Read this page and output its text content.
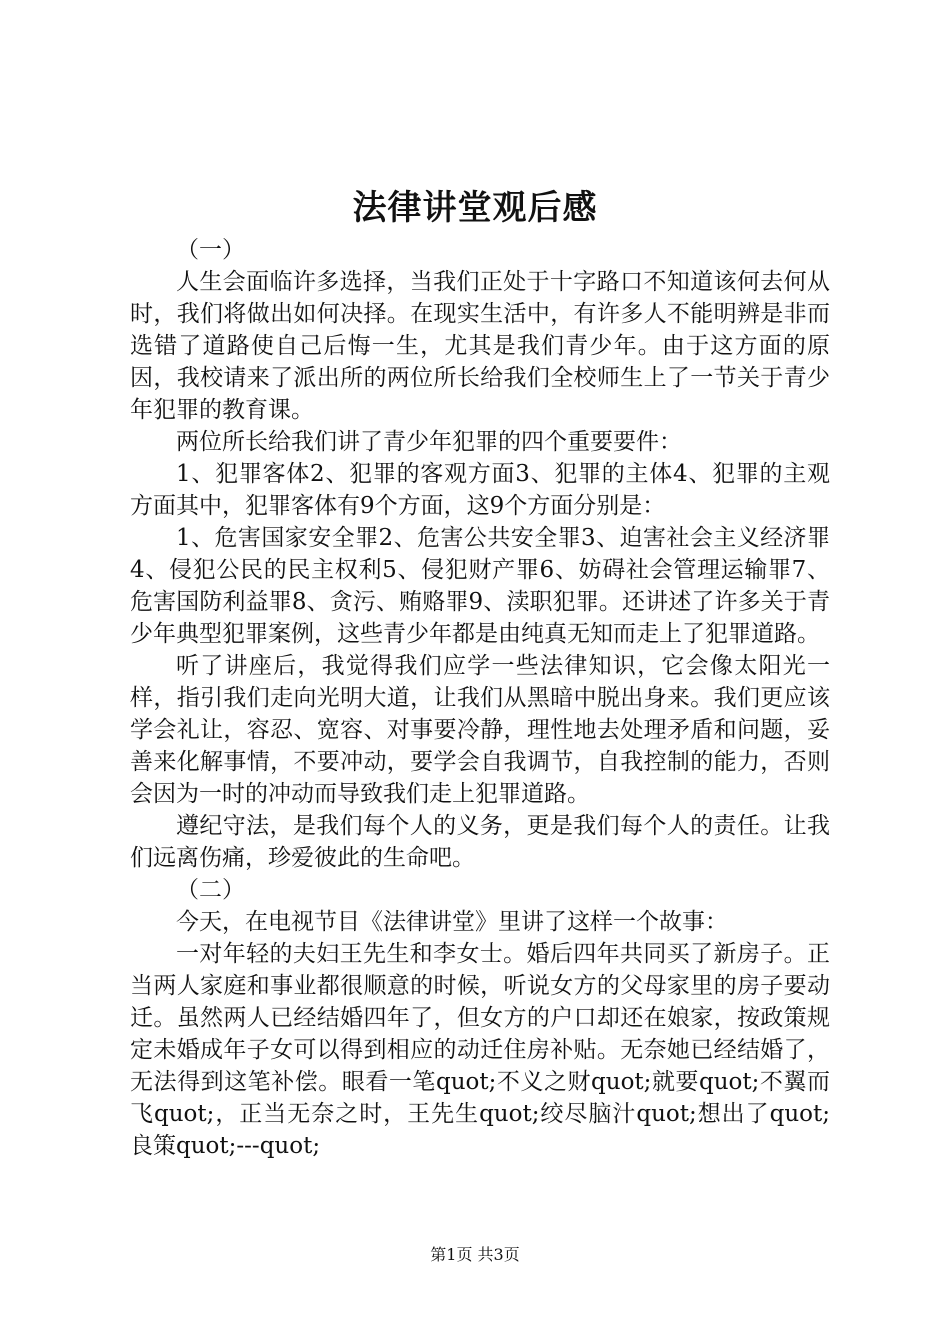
法律讲堂观后感

（一）

人生会面临许多选择，当我们正处于十字路口不知道该何去何从时，我们将做出如何决择。在现实生活中，有许多人不能明辨是非而选错了道路使自己后悔一生，尤其是我们青少年。由于这方面的原因，我校请来了派出所的两位所长给我们全校师生上了一节关于青少年犯罪的教育课。

两位所长给我们讲了青少年犯罪的四个重要要件：

1、犯罪客体2、犯罪的客观方面3、犯罪的主体4、犯罪的主观方面其中，犯罪客体有9个方面，这9个方面分别是：

1、危害国家安全罪2、危害公共安全罪3、迫害社会主义经济罪4、侵犯公民的民主权利5、侵犯财产罪6、妨碍社会管理运输罪7、危害国防利益罪8、贪污、贿赂罪9、渎职犯罪。还讲述了许多关于青少年典型犯罪案例，这些青少年都是由纯真无知而走上了犯罪道路。

听了讲座后，我觉得我们应学一些法律知识，它会像太阳光一样，指引我们走向光明大道，让我们从黑暗中脱出身来。我们更应该学会礼让，容忍、宽容、对事要冷静，理性地去处理矛盾和问题，妥善来化解事情，不要冲动，要学会自我调节，自我控制的能力，否则会因为一时的冲动而导致我们走上犯罪道路。

遵纪守法，是我们每个人的义务，更是我们每个人的责任。让我们远离伤痛，珍爱彼此的生命吧。

（二）

今天，在电视节目《法律讲堂》里讲了这样一个故事：

一对年轻的夫妇王先生和李女士。婚后四年共同买了新房子。正当两人家庭和事业都很顺意的时候，听说女方的父母家里的房子要动迁。虽然两人已经结婚四年了，但女方的户口却还在娘家，按政策规定未婚成年子女可以得到相应的动迁住房补贴。无奈她已经结婚了，无法得到这笔补偿。眼看一笔quot;不义之财quot;就要quot;不翼而飞quot;，正当无奈之时，王先生quot;绞尽脑汁quot;想出了quot;良策quot;---quot;

第1页 共3页
